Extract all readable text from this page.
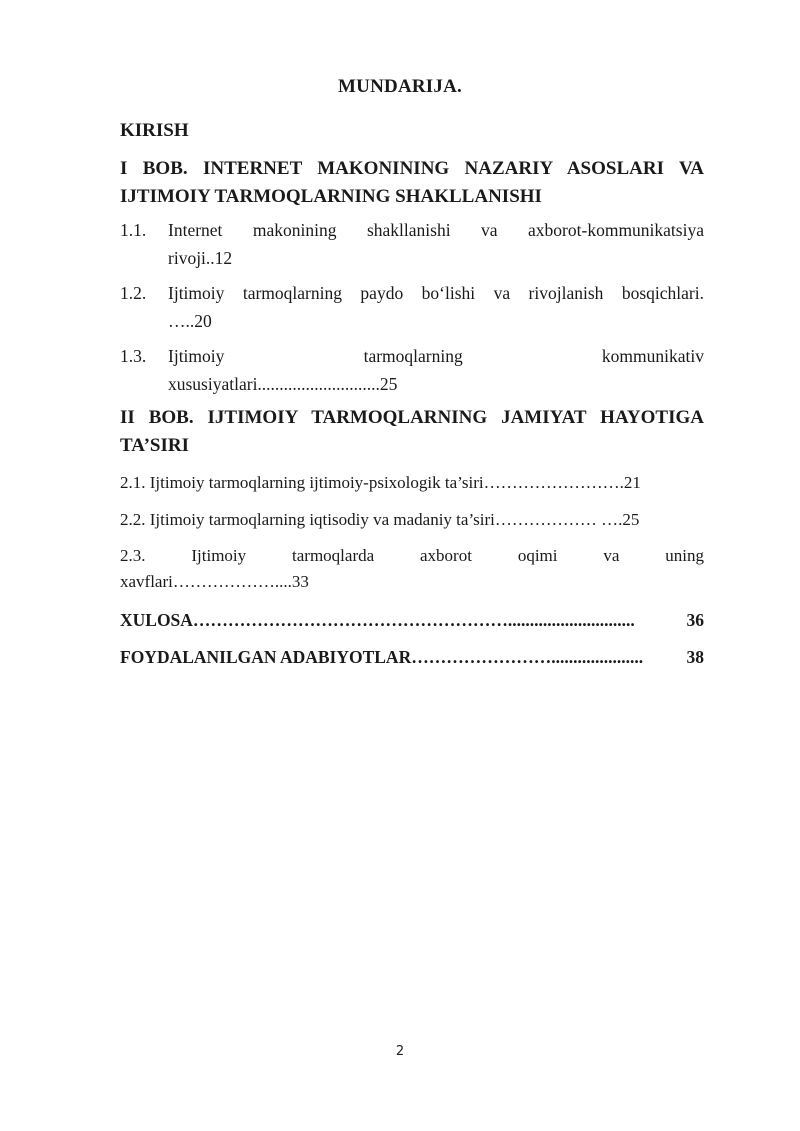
MUNDARIJA.
KIRISH
I BOB. INTERNET MAKONINING NAZARIY ASOSLARI VA
IJTIMOIY TARMOQLARNING SHAKLLANISHI
1.1. Internet makonining shakllanishi va axborot-kommunikatsiya
rivoji..12
1.2. Ijtimoiy tarmoqlarning paydo bo‘lishi va rivojlanish bosqichlari.
…..20
1.3. Ijtimoiy tarmoqlarning kommunikativ
xususiyatlari............................25
II BOB. IJTIMOIY TARMOQLARNING JAMIYAT HAYOTIGA
TA’SIRI
2.1. Ijtimoiy tarmoqlarning ijtimoiy-psixologik ta’siri…………………….21
2.2. Ijtimoiy tarmoqlarning iqtisodiy va madaniy ta’siri……………… ….25
2.3. Ijtimoiy tarmoqlarda axborot oqimi va uning
xavflari………………....33
XULOSA……………………………………………….............................	36
FOYDALANILGAN ADABIYOTLAR……………………..................... 38
2
